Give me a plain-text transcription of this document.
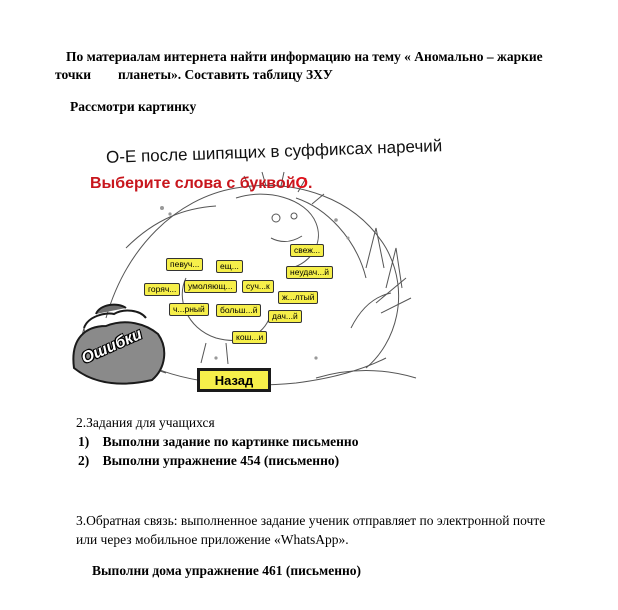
По материалам интернета найти информацию на тему « Аномально – жаркие
точки планеты». Составить таблицу ЗХУ
Рассмотри картинку
О-Е после шипящих в суффиксах наречий
Выберите слова с буквойО.
свеж...
певуч...	ещ...
неудач...й
горяч...	умоляющ...	суч...к
ж...лтый
ч...рный	больш...й
дач...й
кош...и
Ошибки
Назад
2.Задания для учащихся
1) Выполни задание по картинке письменно
2) Выполни упражнение 454 (письменно)
3.Обратная связь: выполненное задание ученик отправляет по электронной почте
или через мобильное приложение «WhatsApp».
Выполни дома упражнение 461 (письменно)
